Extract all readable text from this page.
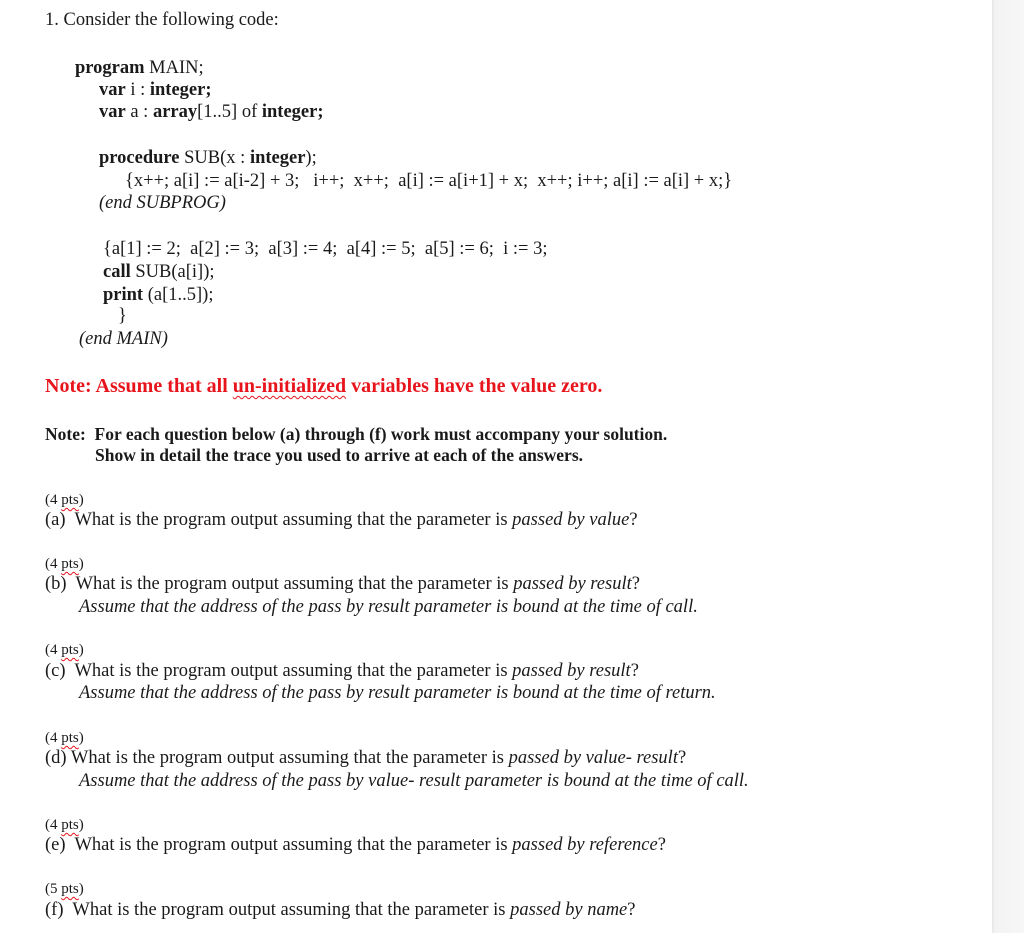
1. Consider the following code:
program MAIN;
var i : integer;
var a : array[1..5] of integer;
procedure SUB(x : integer);
{x++; a[i] := a[i-2] + 3;   i++;  x++;  a[i] := a[i+1] + x;  x++; i++; a[i] := a[i] + x;}
(end SUBPROG)
{a[1] := 2;  a[2] := 3;  a[3] := 4;  a[4] := 5;  a[5] := 6;  i := 3;
call SUB(a[i]);
print (a[1..5]);
}
(end MAIN)
Note: Assume that all un-initialized variables have the value zero.
Note:  For each question below (a) through (f) work must accompany your solution.
Show in detail the trace you used to arrive at each of the answers.
(4 pts)
(a)  What is the program output assuming that the parameter is passed by value?
(4 pts)
(b)  What is the program output assuming that the parameter is passed by result?
Assume that the address of the pass by result parameter is bound at the time of call.
(4 pts)
(c)  What is the program output assuming that the parameter is passed by result?
Assume that the address of the pass by result parameter is bound at the time of return.
(4 pts)
(d) What is the program output assuming that the parameter is passed by value- result?
Assume that the address of the pass by value- result parameter is bound at the time of call.
(4 pts)
(e)  What is the program output assuming that the parameter is passed by reference?
(5 pts)
(f)  What is the program output assuming that the parameter is passed by name?
